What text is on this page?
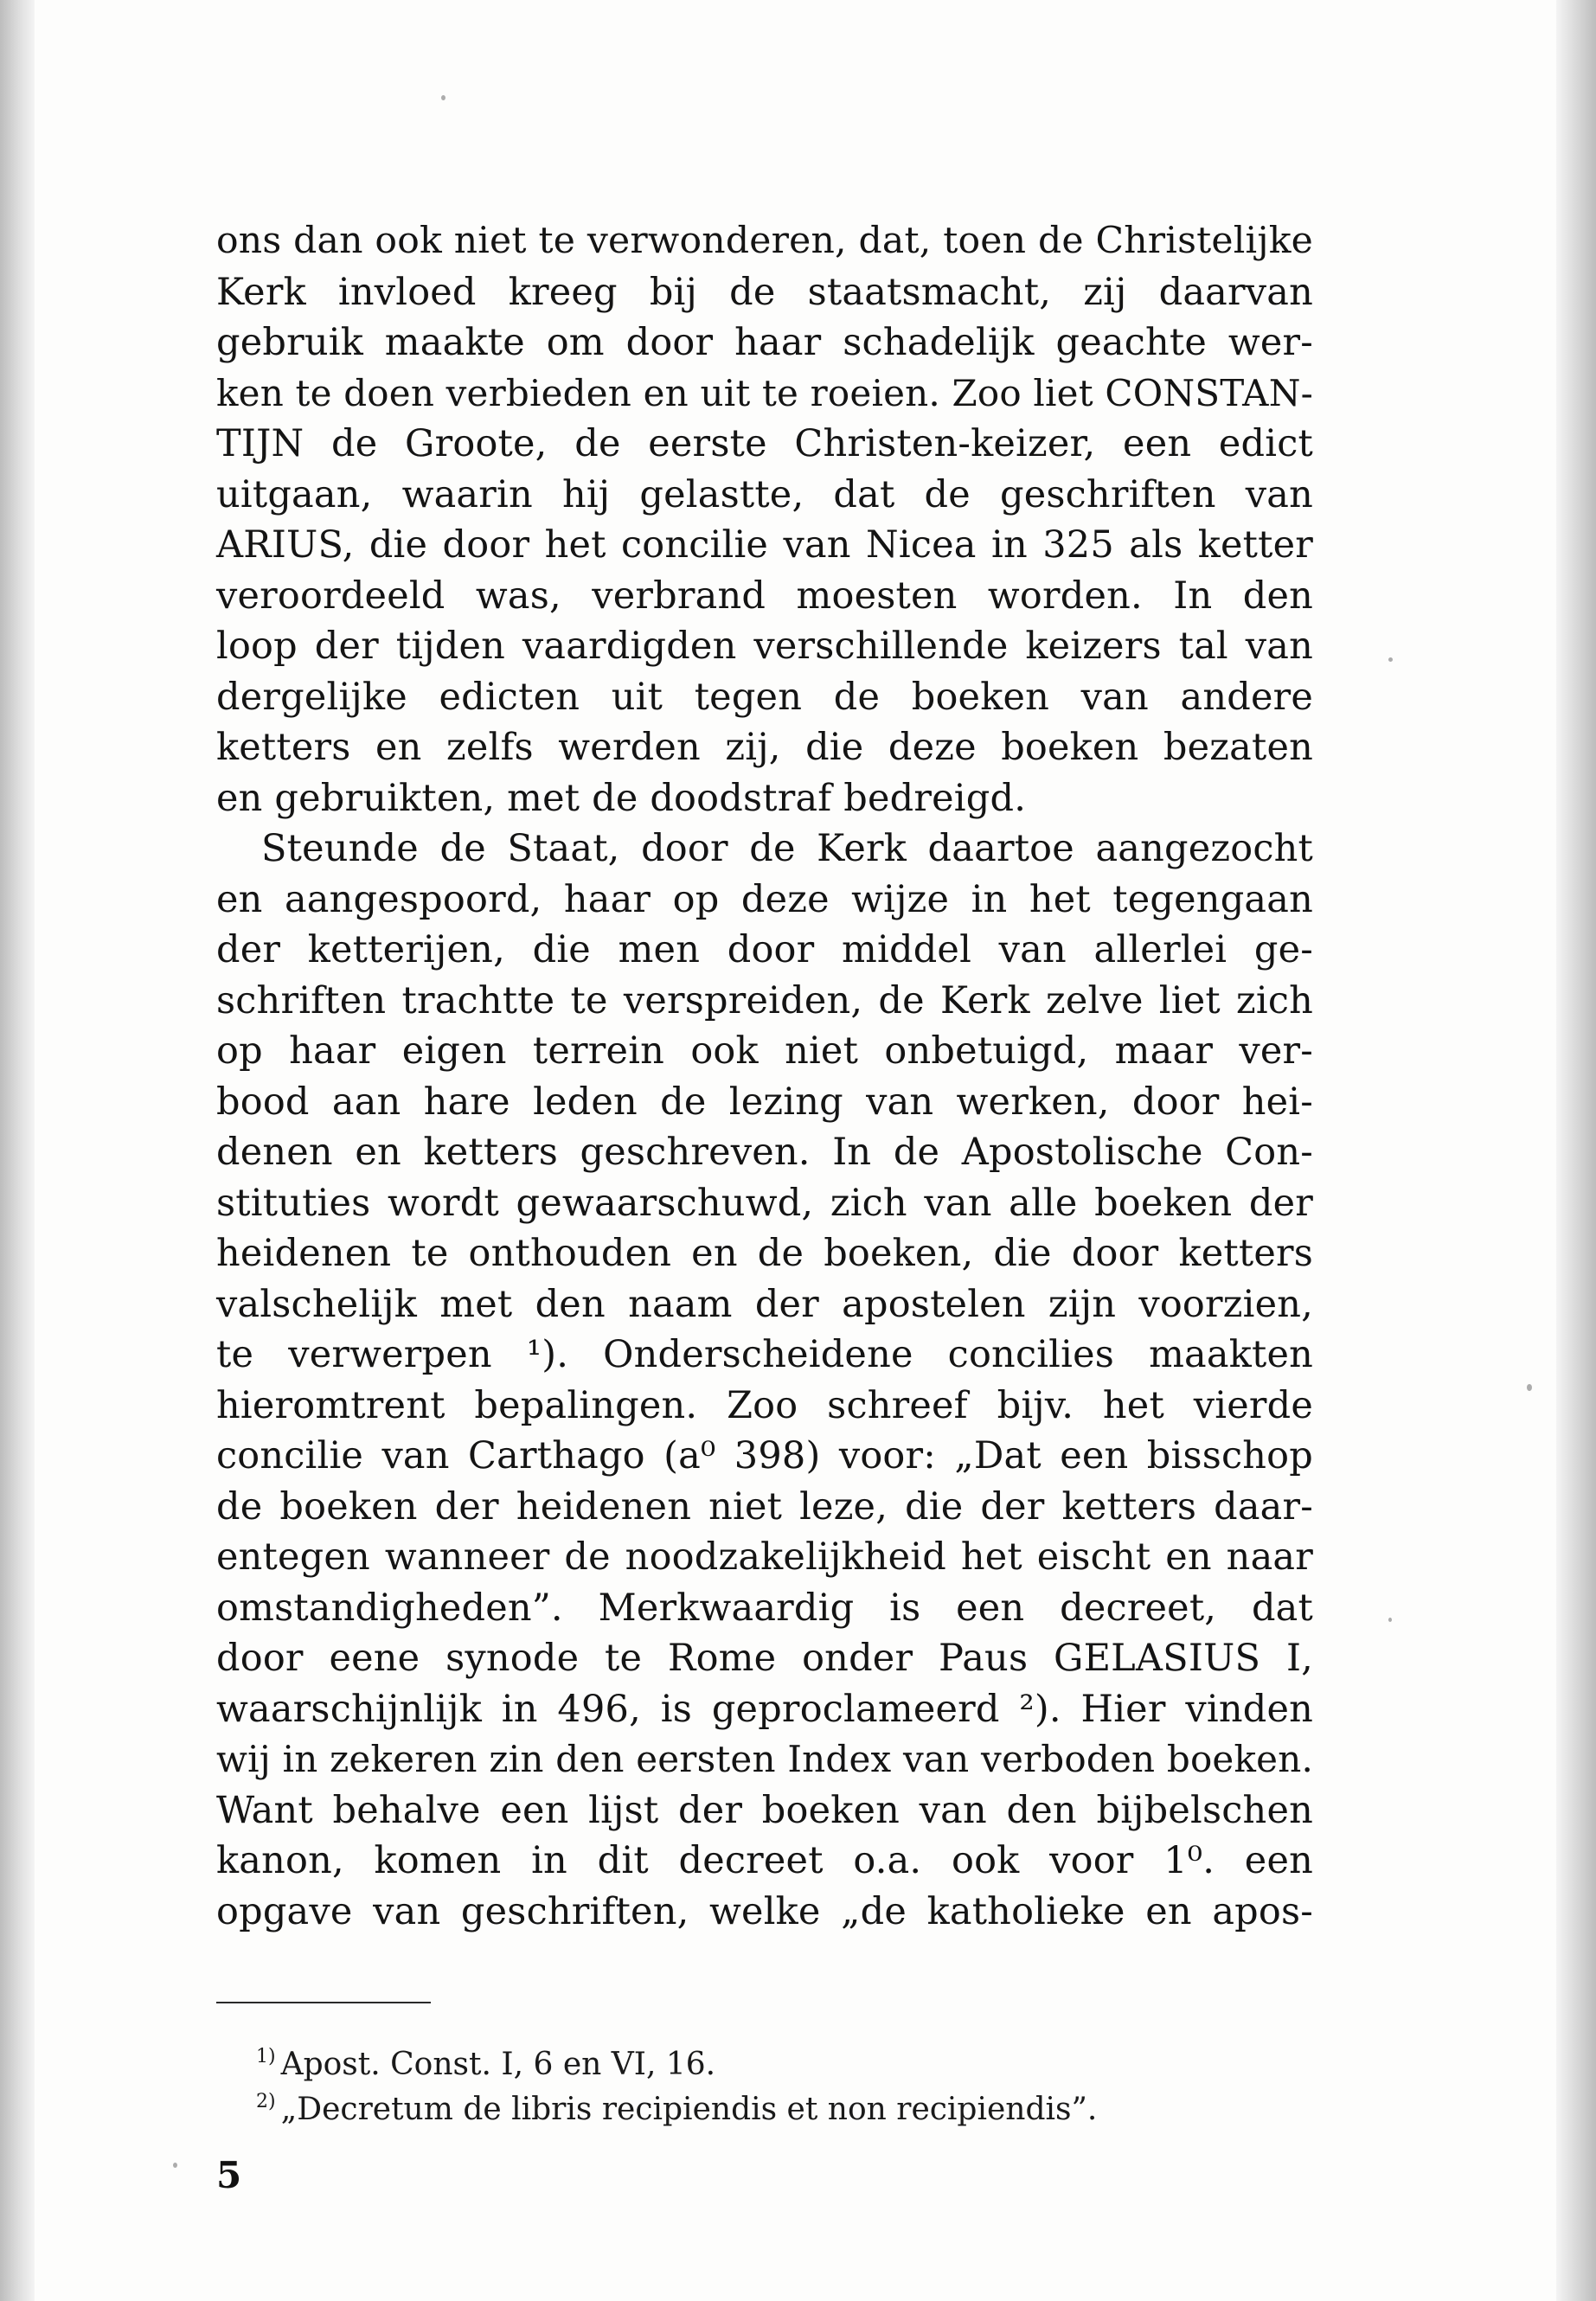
ons dan ook niet te verwonderen, dat, toen de Christelijke
Kerk invloed kreeg bij de staatsmacht, zij daarvan
gebruik maakte om door haar schadelijk geachte wer-
ken te doen verbieden en uit te roeien. Zoo liet CONSTAN-
TIJN de Groote, de eerste Christen-keizer, een edict
uitgaan, waarin hij gelastte, dat de geschriften van
ARIUS, die door het concilie van Nicea in 325 als ketter
veroordeeld was, verbrand moesten worden. In den
loop der tijden vaardigden verschillende keizers tal van
dergelijke edicten uit tegen de boeken van andere
ketters en zelfs werden zij, die deze boeken bezaten
en gebruikten, met de doodstraf bedreigd.
Steunde de Staat, door de Kerk daartoe aangezocht
en aangespoord, haar op deze wijze in het tegengaan
der ketterijen, die men door middel van allerlei ge-
schriften trachtte te verspreiden, de Kerk zelve liet zich
op haar eigen terrein ook niet onbetuigd, maar ver-
bood aan hare leden de lezing van werken, door hei-
denen en ketters geschreven. In de Apostolische Con-
stituties wordt gewaarschuwd, zich van alle boeken der
heidenen te onthouden en de boeken, die door ketters
valschelijk met den naam der apostelen zijn voorzien,
te verwerpen ¹). Onderscheidene concilies maakten
hieromtrent bepalingen. Zoo schreef bijv. het vierde
concilie van Carthago (a⁰ 398) voor: „Dat een bisschop
de boeken der heidenen niet leze, die der ketters daar-
entegen wanneer de noodzakelijkheid het eischt en naar
omstandigheden”. Merkwaardig is een decreet, dat
door eene synode te Rome onder Paus GELASIUS I,
waarschijnlijk in 496, is geproclameerd ²). Hier vinden
wij in zekeren zin den eersten Index van verboden boeken.
Want behalve een lijst der boeken van den bijbelschen
kanon, komen in dit decreet o.a. ook voor 1⁰. een
opgave van geschriften, welke „de katholieke en apos-
$^{1)}$ Apost. Const. I, 6 en VI, 16.
$^{2)}$ „Decretum de libris recipiendis et non recipiendis”.
5
